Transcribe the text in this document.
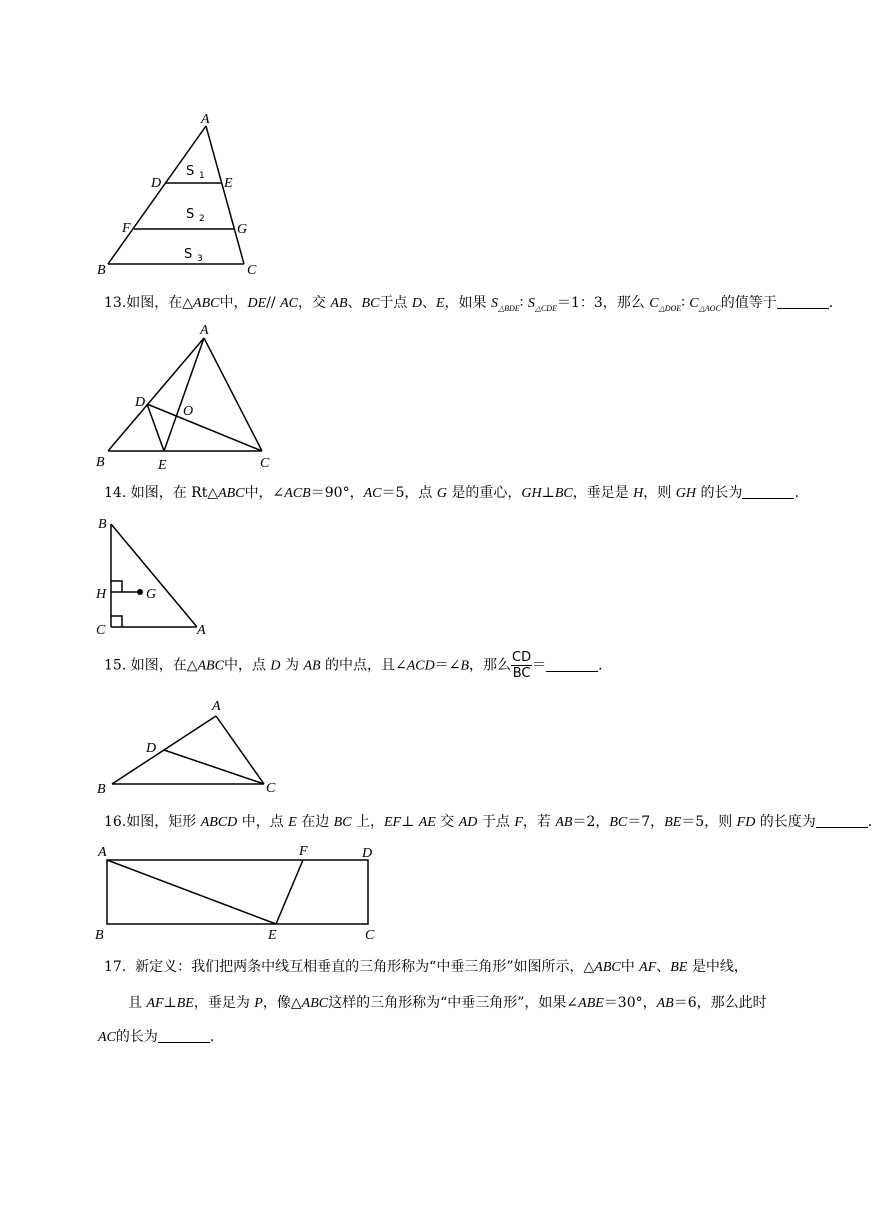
A
D	E
F	G
B	C
S 1
S 2
S 3
13.如图，在△ABC中，DE// AC，交 AB、BC于点 D、E，如果 $S_{\triangle BDE}∶$ $S_{\triangle CDE}=1$：3，那么 $C_{\triangle DOE}∶$ $C_{\triangle AOC}$的值等于	.
A
D
O
B	E	C
14. 如图，在 Rt△ABC中，∠ACB＝90°，AC＝5，点 G 是的重心，GH⊥BC，垂足是 H，则 GH 的长为	.
B
H	G
C	A
15. 如图，在△ABC中，点 D 为 AB 的中点，且∠ACD＝∠B，那么 $\frac{CD}{BC}$ ＝	.
A
D
B	C
16.如图，矩形 ABCD 中，点 E 在边 BC 上，EF⊥ AE 交 AD 于点 F，若 AB＝2，BC＝7，BE＝5，则 FD 的长度为	.
A	F	D
B	E	C
17. 新定义：我们把两条中线互相垂直的三角形称为“中垂三角形”如图所示，△ABC中 AF、BE 是中线，
且 AF⊥BE，垂足为 P，像△ABC这样的三角形称为“中垂三角形”，如果∠ABE＝30°，AB＝6，那么此时
AC的长为	.
